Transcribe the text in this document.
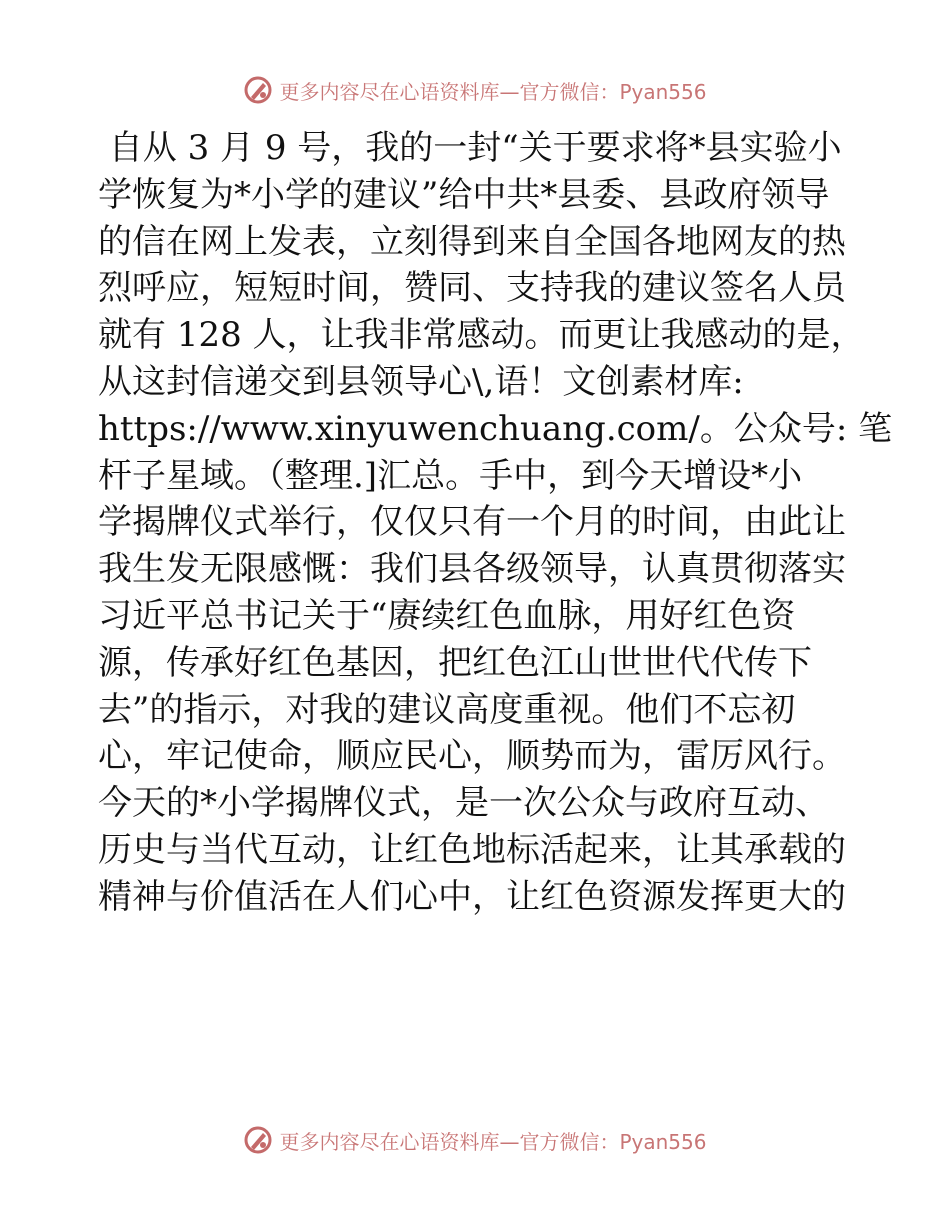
更多内容尽在心语资料库— 官方微信：Pyan556
自从 3 月 9 号，我的一封“关于要求将*县实验小
学恢复为*小学的建议”给中共*县委、县政府领导
的信在网上发表，立刻得到来自全国各地网友的热
烈呼应，短短时间，赞同、支持我的建议签名人员
就有 128 人，让我非常感动。而更让我感动的是，
从这封信递交到县领导心\,语！文创素材库:
https://www.xinyuwenchuang.com/。公众号: 笔
杆子星域。（整理.]汇总。手中，到今天增设*小
学揭牌仪式举行，仅仅只有一个月的时间，由此让
我生发无限感慨：我们县各级领导，认真贯彻落实
习近平总书记关于“赓续红色血脉，用好红色资
源，传承好红色基因，把红色江山世世代代传下
去”的指示，对我的建议高度重视。他们不忘初
心，牢记使命，顺应民心，顺势而为，雷厉风行。
今天的*小学揭牌仪式，是一次公众与政府互动、
历史与当代互动，让红色地标活起来，让其承载的
精神与价值活在人们心中，让红色资源发挥更大的
更多内容尽在心语资料库— 官方微信：Pyan556
